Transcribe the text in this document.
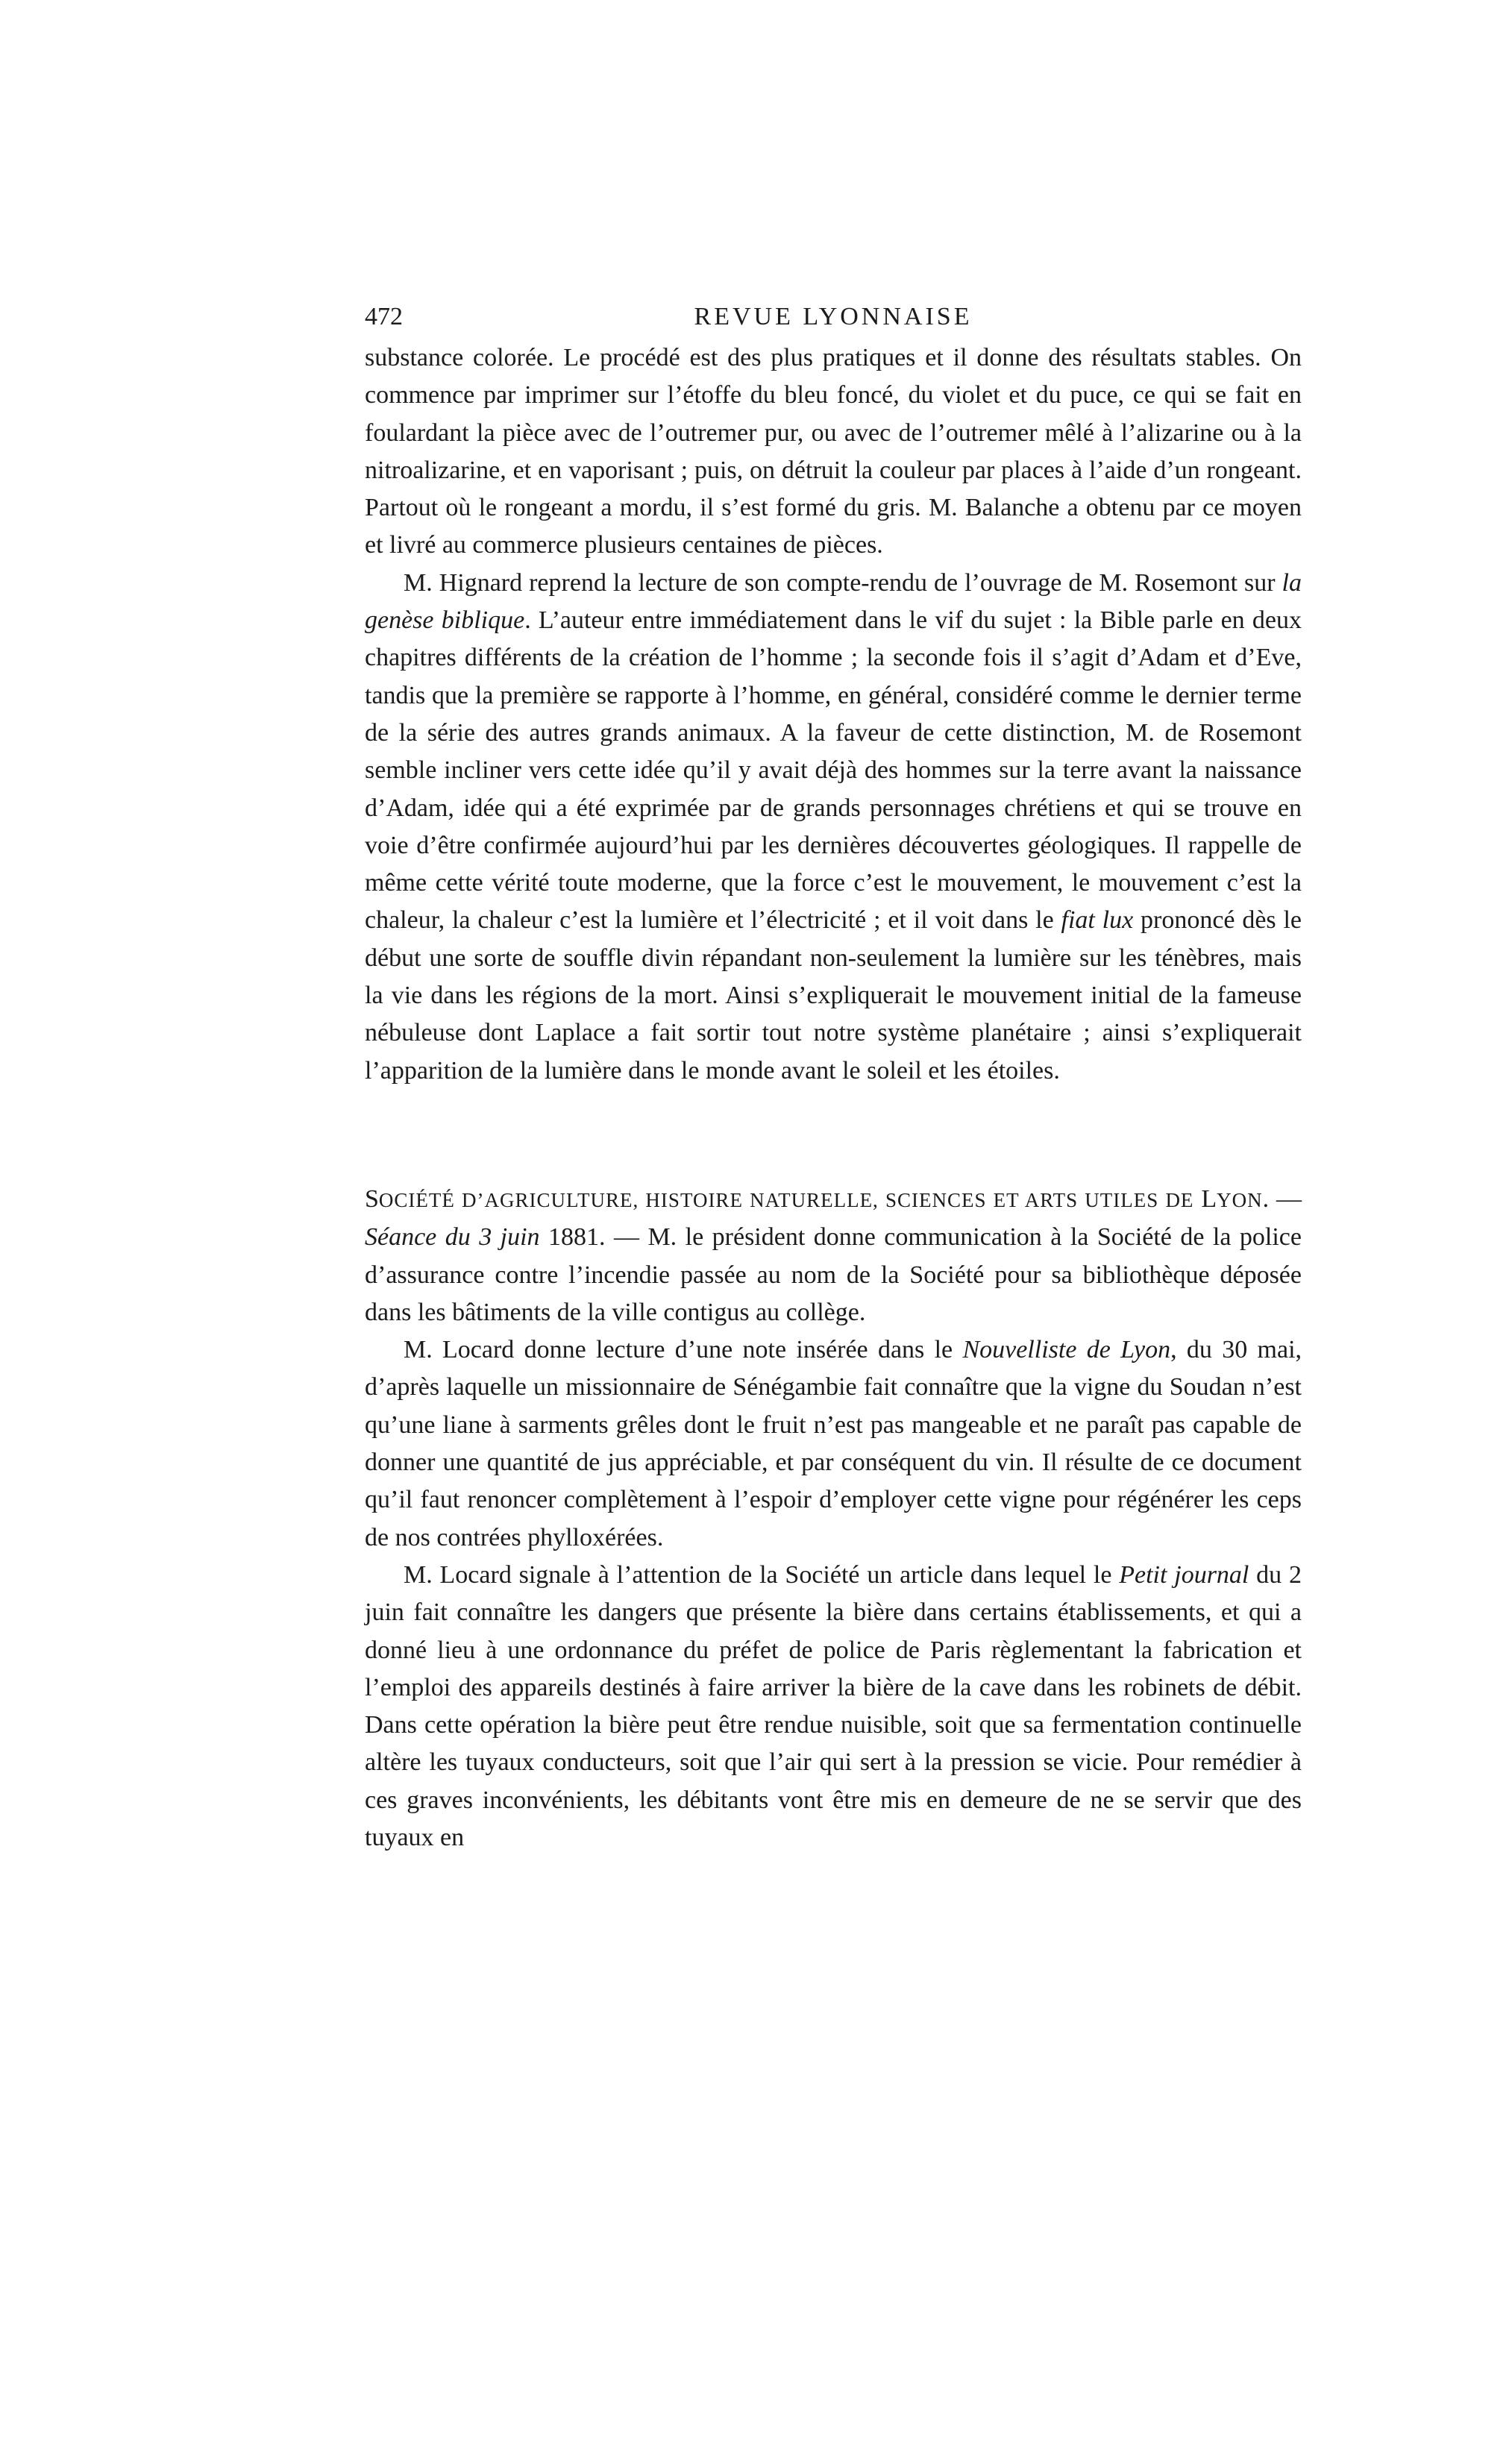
472	REVUE LYONNAISE

substance colorée. Le procédé est des plus pratiques et il donne des résultats stables. On commence par imprimer sur l’étoffe du bleu foncé, du violet et du puce, ce qui se fait en foulardant la pièce avec de l’outremer pur, ou avec de l’outremer mêlé à l’alizarine ou à la nitroalizarine, et en vaporisant ; puis, on détruit la couleur par places à l’aide d’un rongeant. Partout où le rongeant a mordu, il s’est formé du gris. M. Balanche a obtenu par ce moyen et livré au commerce plusieurs centaines de pièces.

M. Hignard reprend la lecture de son compte-rendu de l’ouvrage de M. Rosemont sur la genèse biblique. L’auteur entre immédiatement dans le vif du sujet : la Bible parle en deux chapitres différents de la création de l’homme ; la seconde fois il s’agit d’Adam et d’Eve, tandis que la première se rapporte à l’homme, en général, considéré comme le dernier terme de la série des autres grands animaux. A la faveur de cette distinction, M. de Rosemont semble incliner vers cette idée qu’il y avait déjà des hommes sur la terre avant la naissance d’Adam, idée qui a été exprimée par de grands personnages chrétiens et qui se trouve en voie d’être confirmée aujourd’hui par les dernières découvertes géologiques. Il rappelle de même cette vérité toute moderne, que la force c’est le mouvement, le mouvement c’est la chaleur, la chaleur c’est la lumière et l’électricité ; et il voit dans le fiat lux prononcé dès le début une sorte de souffle divin répandant non-seulement la lumière sur les ténèbres, mais la vie dans les régions de la mort. Ainsi s’expliquerait le mouvement initial de la fameuse nébuleuse dont Laplace a fait sortir tout notre système planétaire ; ainsi s’expliquerait l’apparition de la lumière dans le monde avant le soleil et les étoiles.

SOCIÉTÉ D’AGRICULTURE, HISTOIRE NATURELLE, SCIENCES ET ARTS UTILES DE LYON. — Séance du 3 juin 1881. — M. le président donne communication à la Société de la police d’assurance contre l’incendie passée au nom de la Société pour sa bibliothèque déposée dans les bâtiments de la ville contigus au collège.

M. Locard donne lecture d’une note insérée dans le Nouvelliste de Lyon, du 30 mai, d’après laquelle un missionnaire de Sénégambie fait connaître que la vigne du Soudan n’est qu’une liane à sarments grêles dont le fruit n’est pas mangeable et ne paraît pas capable de donner une quantité de jus appréciable, et par conséquent du vin. Il résulte de ce document qu’il faut renoncer complètement à l’espoir d’employer cette vigne pour régénérer les ceps de nos contrées phylloxérées.

M. Locard signale à l’attention de la Société un article dans lequel le Petit journal du 2 juin fait connaître les dangers que présente la bière dans certains établissements, et qui a donné lieu à une ordonnance du préfet de police de Paris règlementant la fabrication et l’emploi des appareils destinés à faire arriver la bière de la cave dans les robinets de débit. Dans cette opération la bière peut être rendue nuisible, soit que sa fermentation continuelle altère les tuyaux conducteurs, soit que l’air qui sert à la pression se vicie. Pour remédier à ces graves inconvénients, les débitants vont être mis en demeure de ne se servir que des tuyaux en
